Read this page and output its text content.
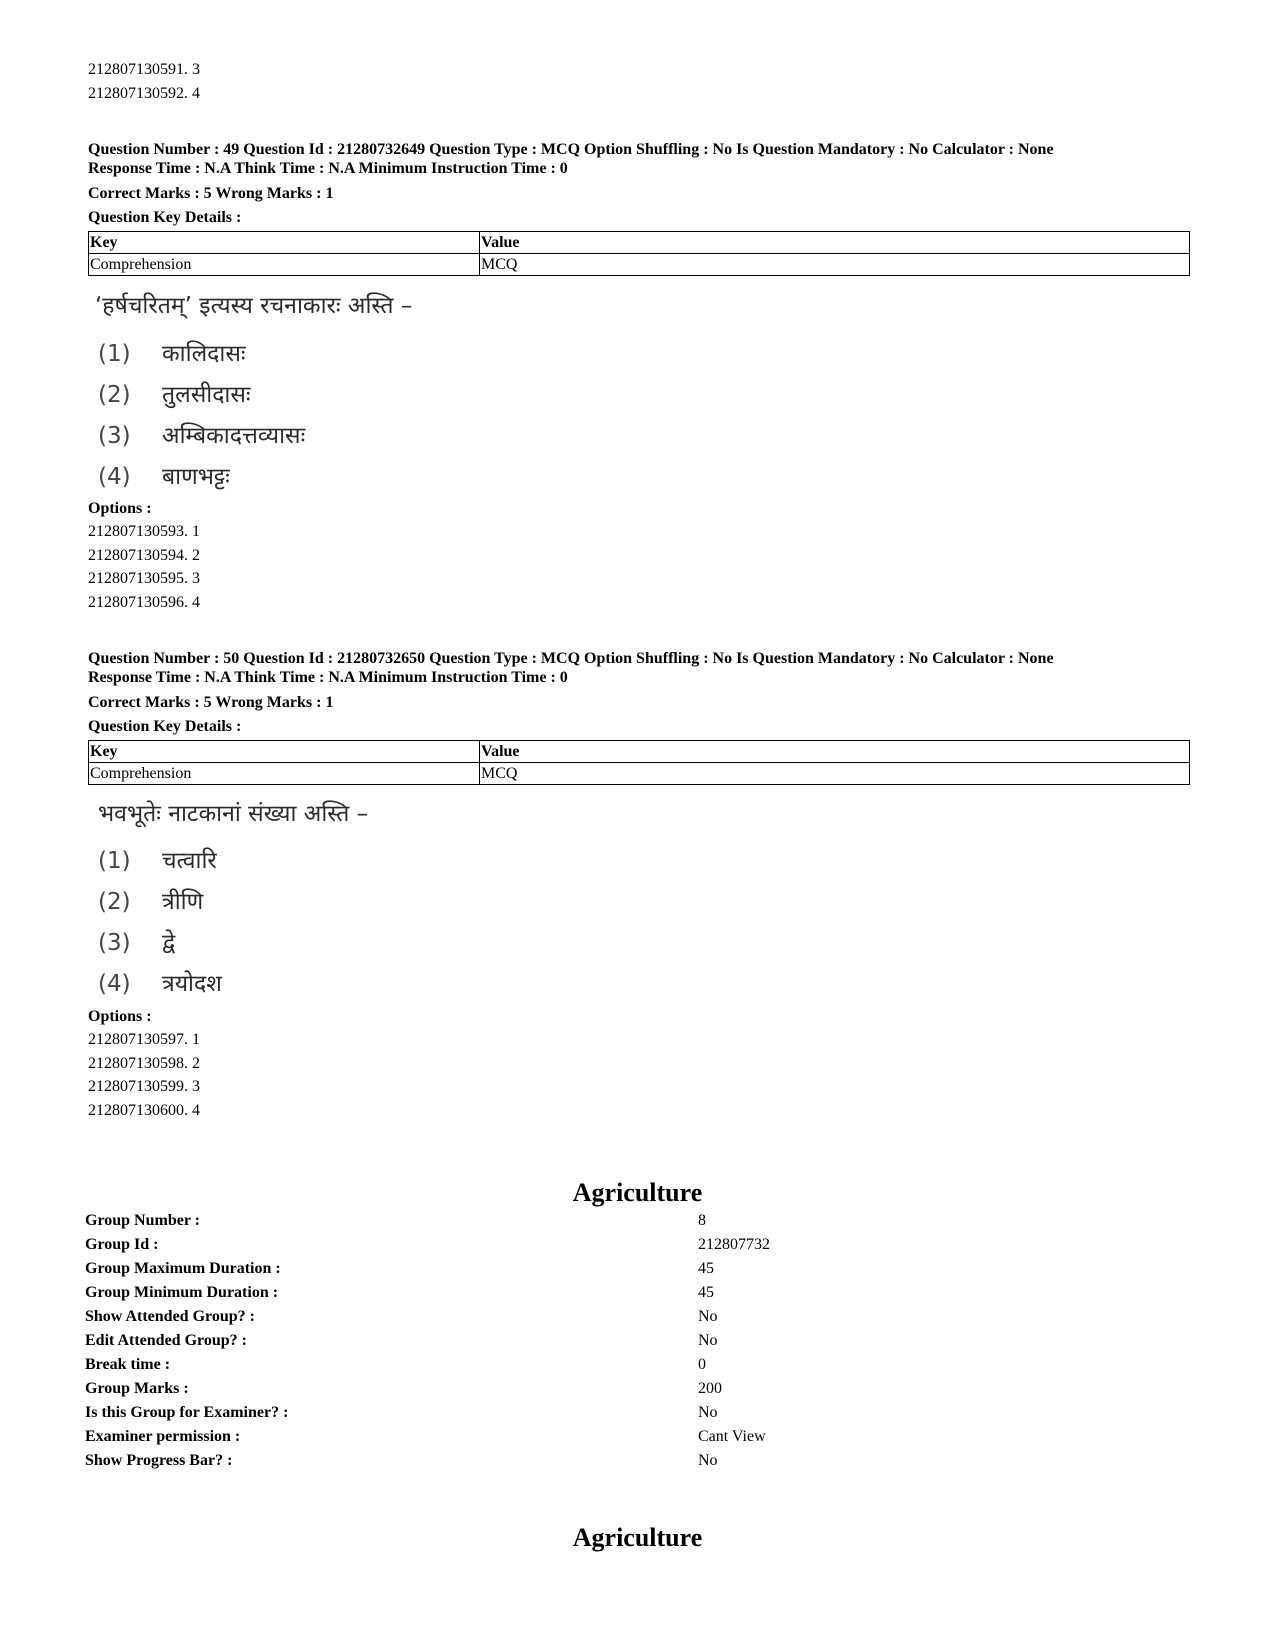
212807130591. 3
212807130592. 4
Question Number : 49 Question Id : 21280732649 Question Type : MCQ Option Shuffling : No Is Question Mandatory : No Calculator : None
Response Time : N.A Think Time : N.A Minimum Instruction Time : 0
Correct Marks : 5 Wrong Marks : 1
Question Key Details :
Key	Value
Comprehension	MCQ
‘हर्षचरितम्’ इत्यस्य रचनाकारः अस्ति –
(1) कालिदासः
(2) तुलसीदासः
(3) अम्बिकादत्तव्यासः
(4) बाणभट्टः
Options :
212807130593. 1
212807130594. 2
212807130595. 3
212807130596. 4
Question Number : 50 Question Id : 21280732650 Question Type : MCQ Option Shuffling : No Is Question Mandatory : No Calculator : None
Response Time : N.A Think Time : N.A Minimum Instruction Time : 0
Correct Marks : 5 Wrong Marks : 1
Question Key Details :
Key	Value
Comprehension	MCQ
भवभूतेः नाटकानां संख्या अस्ति –
(1) चत्वारि
(2) त्रीणि
(3) द्वे
(4) त्रयोदश
Options :
212807130597. 1
212807130598. 2
212807130599. 3
212807130600. 4
Agriculture
Group Number :	8
Group Id :	212807732
Group Maximum Duration :	45
Group Minimum Duration :	45
Show Attended Group? :	No
Edit Attended Group? :	No
Break time :	0
Group Marks :	200
Is this Group for Examiner? :	No
Examiner permission :	Cant View
Show Progress Bar? :	No
Agriculture
